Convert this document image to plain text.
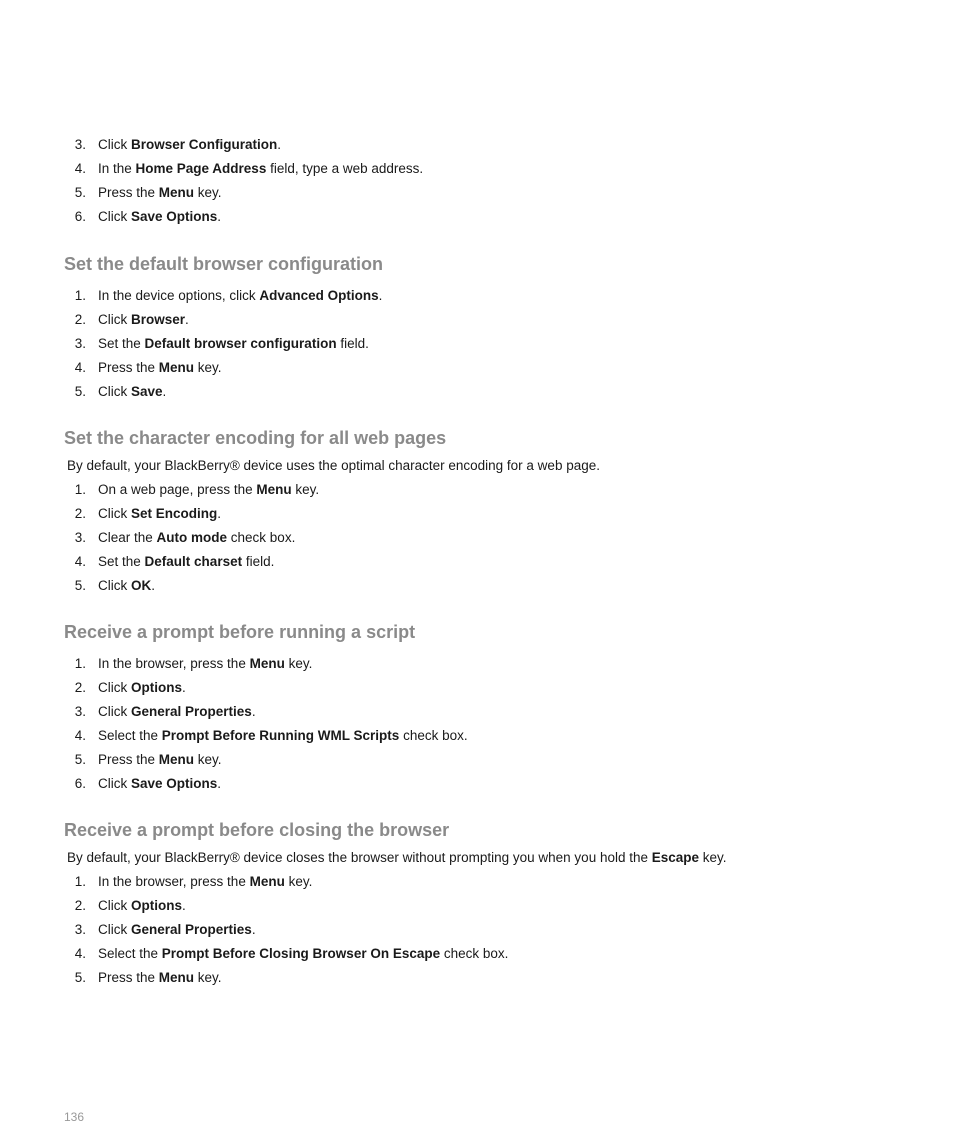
3. Click Browser Configuration.
4. In the Home Page Address field, type a web address.
5. Press the Menu key.
6. Click Save Options.
Set the default browser configuration
1. In the device options, click Advanced Options.
2. Click Browser.
3. Set the Default browser configuration field.
4. Press the Menu key.
5. Click Save.
Set the character encoding for all web pages

By default, your BlackBerry® device uses the optimal character encoding for a web page.

1. On a web page, press the Menu key.
2. Click Set Encoding.
3. Clear the Auto mode check box.
4. Set the Default charset field.
5. Click OK.
Receive a prompt before running a script
1. In the browser, press the Menu key.
2. Click Options.
3. Click General Properties.
4. Select the Prompt Before Running WML Scripts check box.
5. Press the Menu key.
6. Click Save Options.
Receive a prompt before closing the browser

By default, your BlackBerry® device closes the browser without prompting you when you hold the Escape key.

1. In the browser, press the Menu key.
2. Click Options.
3. Click General Properties.
4. Select the Prompt Before Closing Browser On Escape check box.
5. Press the Menu key.
136
